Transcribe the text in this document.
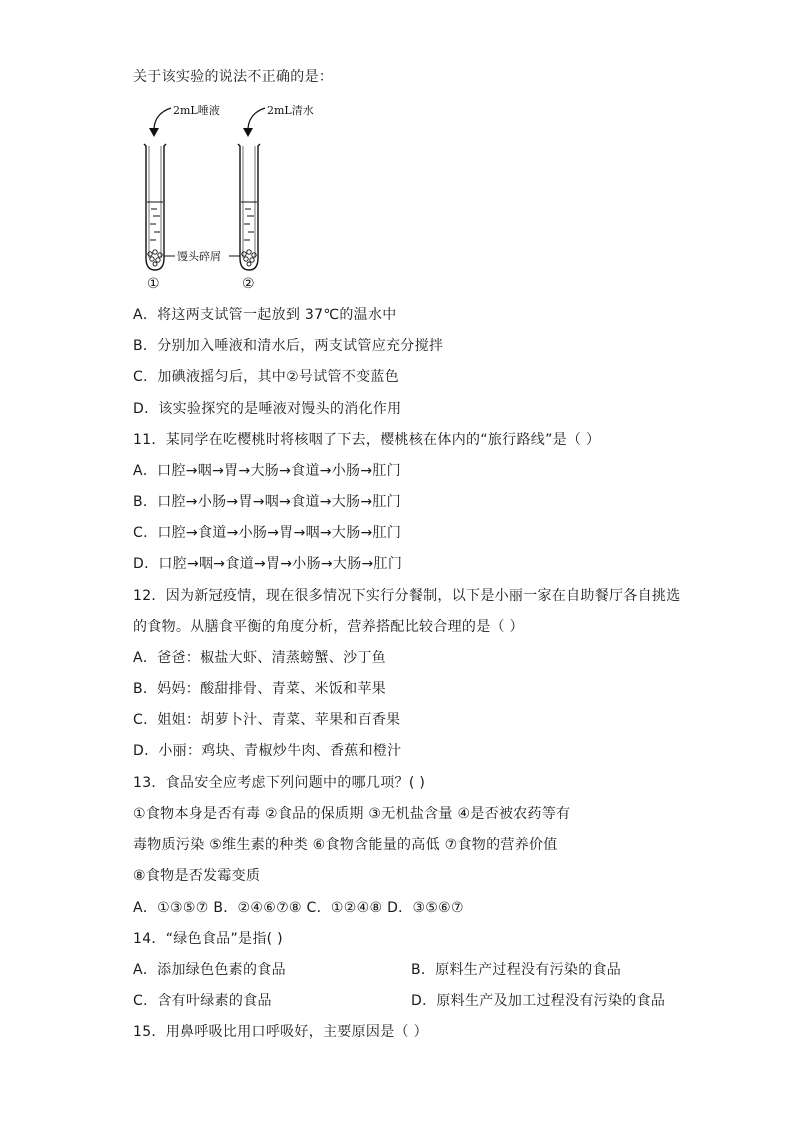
关于该实验的说法不正确的是：
2mL唾液	2mL清水
馒头碎屑
①	②
A．将这两支试管一起放到 37℃的温水中
B．分别加入唾液和清水后，两支试管应充分搅拌
C．加碘液摇匀后，其中②号试管不变蓝色
D．该实验探究的是唾液对馒头的消化作用
11．某同学在吃樱桃时将核咽了下去，樱桃核在体内的“旅行路线”是（ ）
A．口腔→咽→胃→大肠→食道→小肠→肛门
B．口腔→小肠→胃→咽→食道→大肠→肛门
C．口腔→食道→小肠→胃→咽→大肠→肛门
D．口腔→咽→食道→胃→小肠→大肠→肛门
12．因为新冠疫情，现在很多情况下实行分餐制，以下是小丽一家在自助餐厅各自挑选
的食物。从膳食平衡的角度分析，营养搭配比较合理的是（ ）
A．爸爸：椒盐大虾、清蒸螃蟹、沙丁鱼
B．妈妈：酸甜排骨、青菜、米饭和苹果
C．姐姐：胡萝卜汁、青菜、苹果和百香果
D．小丽：鸡块、青椒炒牛肉、香蕉和橙汁
13．食品安全应考虑下列问题中的哪几项？( )
①食物本身是否有毒 ②食品的保质期 ③无机盐含量 ④是否被农药等有
毒物质污染 ⑤维生素的种类 ⑥食物含能量的高低 ⑦食物的营养价值
⑧食物是否发霉变质
A．①③⑤⑦ B．②④⑥⑦⑧ C．①②④⑧ D．③⑤⑥⑦
14．“绿色食品”是指( )
A．添加绿色色素的食品	B．原料生产过程没有污染的食品
C．含有叶绿素的食品	D．原料生产及加工过程没有污染的食品
15．用鼻呼吸比用口呼吸好，主要原因是（ ）
